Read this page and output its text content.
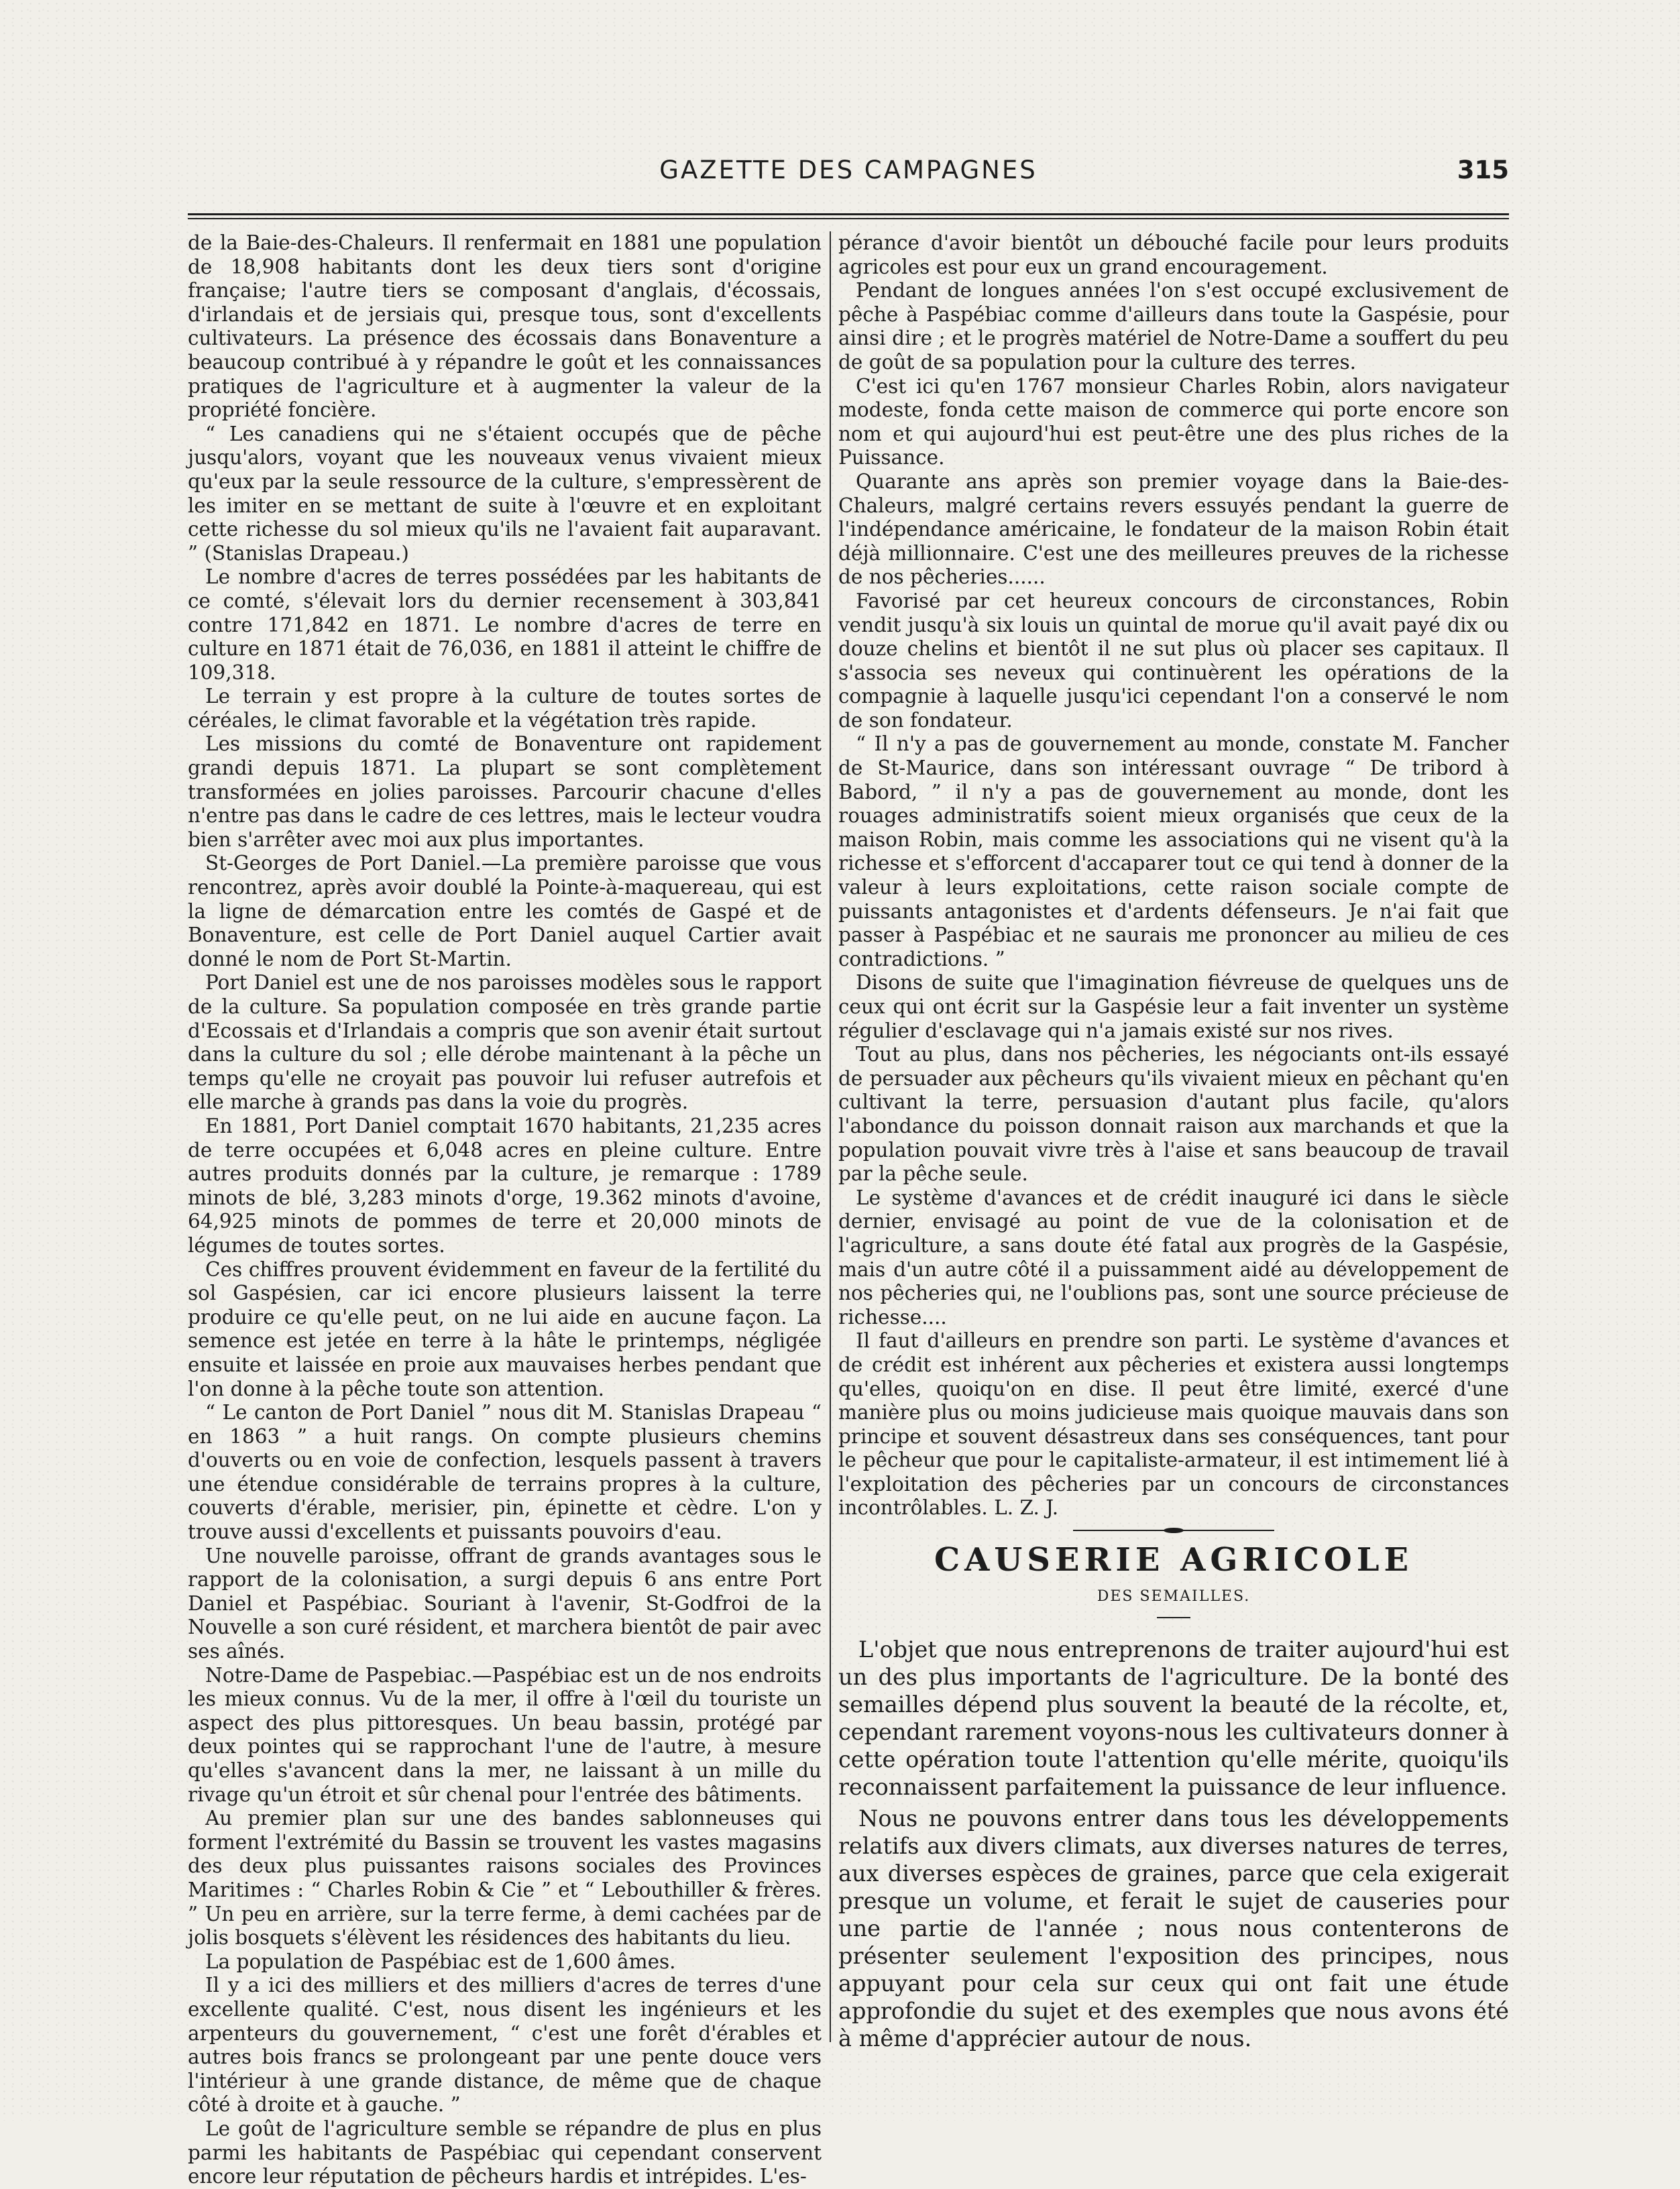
GAZETTE DES CAMPAGNES	315

de la Baie-des-Chaleurs. Il renfermait en 1881 une population de 18,908 habitants dont les deux tiers sont d'origine française; l'autre tiers se composant d'anglais, d'écossais, d'irlandais et de jersiais qui, presque tous, sont d'excellents cultivateurs. La présence des écossais dans Bonaventure a beaucoup contribué à y répandre le goût et les connaissances pratiques de l'agriculture et à augmenter la valeur de la propriété foncière.

“ Les canadiens qui ne s'étaient occupés que de pêche jusqu'alors, voyant que les nouveaux venus vivaient mieux qu'eux par la seule ressource de la culture, s'empressèrent de les imiter en se mettant de suite à l'œuvre et en exploitant cette richesse du sol mieux qu'ils ne l'avaient fait auparavant. ” (Stanislas Drapeau.)

Le nombre d'acres de terres possédées par les habitants de ce comté, s'élevait lors du dernier recensement à 303,841 contre 171,842 en 1871. Le nombre d'acres de terre en culture en 1871 était de 76,036, en 1881 il atteint le chiffre de 109,318.

Le terrain y est propre à la culture de toutes sortes de céréales, le climat favorable et la végétation très rapide.

Les missions du comté de Bonaventure ont rapidement grandi depuis 1871. La plupart se sont complètement transformées en jolies paroisses. Parcourir chacune d'elles n'entre pas dans le cadre de ces lettres, mais le lecteur voudra bien s'arrêter avec moi aux plus importantes.

St-Georges de Port Daniel.—La première paroisse que vous rencontrez, après avoir doublé la Pointe-à-maquereau, qui est la ligne de démarcation entre les comtés de Gaspé et de Bonaventure, est celle de Port Daniel auquel Cartier avait donné le nom de Port St-Martin.

Port Daniel est une de nos paroisses modèles sous le rapport de la culture. Sa population composée en très grande partie d'Ecossais et d'Irlandais a compris que son avenir était surtout dans la culture du sol ; elle dérobe maintenant à la pêche un temps qu'elle ne croyait pas pouvoir lui refuser autrefois et elle marche à grands pas dans la voie du progrès.

En 1881, Port Daniel comptait 1670 habitants, 21,235 acres de terre occupées et 6,048 acres en pleine culture. Entre autres produits donnés par la culture, je remarque : 1789 minots de blé, 3,283 minots d'orge, 19.362 minots d'avoine, 64,925 minots de pommes de terre et 20,000 minots de légumes de toutes sortes.

Ces chiffres prouvent évidemment en faveur de la fertilité du sol Gaspésien, car ici encore plusieurs laissent la terre produire ce qu'elle peut, on ne lui aide en aucune façon. La semence est jetée en terre à la hâte le printemps, négligée ensuite et laissée en proie aux mauvaises herbes pendant que l'on donne à la pêche toute son attention.

“ Le canton de Port Daniel ” nous dit M. Stanislas Drapeau “ en 1863 ” a huit rangs. On compte plusieurs chemins d'ouverts ou en voie de confection, lesquels passent à travers une étendue considérable de terrains propres à la culture, couverts d'érable, merisier, pin, épinette et cèdre. L'on y trouve aussi d'excellents et puissants pouvoirs d'eau.

Une nouvelle paroisse, offrant de grands avantages sous le rapport de la colonisation, a surgi depuis 6 ans entre Port Daniel et Paspébiac. Souriant à l'avenir, St-Godfroi de la Nouvelle a son curé résident, et marchera bientôt de pair avec ses aînés.

Notre-Dame de Paspebiac.—Paspébiac est un de nos endroits les mieux connus. Vu de la mer, il offre à l'œil du touriste un aspect des plus pittoresques. Un beau bassin, protégé par deux pointes qui se rapprochant l'une de l'autre, à mesure qu'elles s'avancent dans la mer, ne laissant à un mille du rivage qu'un étroit et sûr chenal pour l'entrée des bâtiments.

Au premier plan sur une des bandes sablonneuses qui forment l'extrémité du Bassin se trouvent les vastes magasins des deux plus puissantes raisons sociales des Provinces Maritimes : “ Charles Robin & Cie ” et “ Lebouthiller & frères. ” Un peu en arrière, sur la terre ferme, à demi cachées par de jolis bosquets s'élèvent les résidences des habitants du lieu.

La population de Paspébiac est de 1,600 âmes.

Il y a ici des milliers et des milliers d'acres de terres d'une excellente qualité. C'est, nous disent les ingénieurs et les arpenteurs du gouvernement, “ c'est une forêt d'érables et autres bois francs se prolongeant par une pente douce vers l'intérieur à une grande distance, de même que de chaque côté à droite et à gauche. ”

Le goût de l'agriculture semble se répandre de plus en plus parmi les habitants de Paspébiac qui cependant conservent encore leur réputation de pêcheurs hardis et intrépides. L'es-

pérance d'avoir bientôt un débouché facile pour leurs produits agricoles est pour eux un grand encouragement.

Pendant de longues années l'on s'est occupé exclusivement de pêche à Paspébiac comme d'ailleurs dans toute la Gaspésie, pour ainsi dire ; et le progrès matériel de Notre-Dame a souffert du peu de goût de sa population pour la culture des terres.

C'est ici qu'en 1767 monsieur Charles Robin, alors navigateur modeste, fonda cette maison de commerce qui porte encore son nom et qui aujourd'hui est peut-être une des plus riches de la Puissance.

Quarante ans après son premier voyage dans la Baie-des-Chaleurs, malgré certains revers essuyés pendant la guerre de l'indépendance américaine, le fondateur de la maison Robin était déjà millionnaire. C'est une des meilleures preuves de la richesse de nos pêcheries......

Favorisé par cet heureux concours de circonstances, Robin vendit jusqu'à six louis un quintal de morue qu'il avait payé dix ou douze chelins et bientôt il ne sut plus où placer ses capitaux. Il s'associa ses neveux qui continuèrent les opérations de la compagnie à laquelle jusqu'ici cependant l'on a conservé le nom de son fondateur.

“ Il n'y a pas de gouvernement au monde, constate M. Fancher de St-Maurice, dans son intéressant ouvrage “ De tribord à Babord, ” il n'y a pas de gouvernement au monde, dont les rouages administratifs soient mieux organisés que ceux de la maison Robin, mais comme les associations qui ne visent qu'à la richesse et s'efforcent d'accaparer tout ce qui tend à donner de la valeur à leurs exploitations, cette raison sociale compte de puissants antagonistes et d'ardents défenseurs. Je n'ai fait que passer à Paspébiac et ne saurais me prononcer au milieu de ces contradictions. ”

Disons de suite que l'imagination fiévreuse de quelques uns de ceux qui ont écrit sur la Gaspésie leur a fait inventer un système régulier d'esclavage qui n'a jamais existé sur nos rives.

Tout au plus, dans nos pêcheries, les négociants ont-ils essayé de persuader aux pêcheurs qu'ils vivaient mieux en pêchant qu'en cultivant la terre, persuasion d'autant plus facile, qu'alors l'abondance du poisson donnait raison aux marchands et que la population pouvait vivre très à l'aise et sans beaucoup de travail par la pêche seule.

Le système d'avances et de crédit inauguré ici dans le siècle dernier, envisagé au point de vue de la colonisation et de l'agriculture, a sans doute été fatal aux progrès de la Gaspésie, mais d'un autre côté il a puissamment aidé au développement de nos pêcheries qui, ne l'oublions pas, sont une source précieuse de richesse....

Il faut d'ailleurs en prendre son parti. Le système d'avances et de crédit est inhérent aux pêcheries et existera aussi longtemps qu'elles, quoiqu'on en dise. Il peut être limité, exercé d'une manière plus ou moins judicieuse mais quoique mauvais dans son principe et souvent désastreux dans ses conséquences, tant pour le pêcheur que pour le capitaliste-armateur, il est intimement lié à l'exploitation des pêcheries par un concours de circonstances incontrôlables. L. Z. J.

CAUSERIE AGRICOLE
DES SEMAILLES.

L'objet que nous entreprenons de traiter aujourd'hui est un des plus importants de l'agriculture. De la bonté des semailles dépend plus souvent la beauté de la récolte, et, cependant rarement voyons-nous les cultivateurs donner à cette opération toute l'attention qu'elle mérite, quoiqu'ils reconnaissent parfaitement la puissance de leur influence.

Nous ne pouvons entrer dans tous les développements relatifs aux divers climats, aux diverses natures de terres, aux diverses espèces de graines, parce que cela exigerait presque un volume, et ferait le sujet de causeries pour une partie de l'année ; nous nous contenterons de présenter seulement l'exposition des principes, nous appuyant pour cela sur ceux qui ont fait une étude approfondie du sujet et des exemples que nous avons été à même d'apprécier autour de nous.
